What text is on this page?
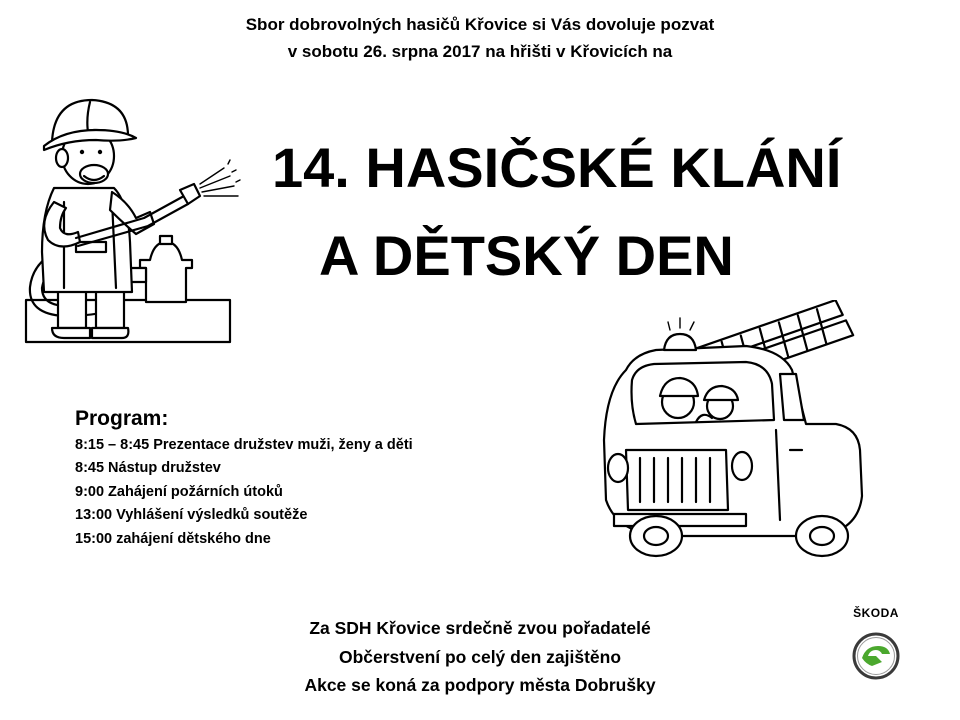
Sbor dobrovolných hasičů Křovice si Vás dovoluje pozvat
v sobotu 26. srpna 2017 na hřišti v Křovicích na
14. HASIČSKÉ KLÁNÍ
A DĚTSKÝ DEN
Program:
8:15 – 8:45 Prezentace družstev muži, ženy a děti
8:45 Nástup družstev
9:00 Zahájení požárních útoků
13:00 Vyhlášení výsledků soutěže
15:00 zahájení dětského dne
Za SDH Křovice srdečně zvou pořadatelé
Občerstvení po celý den zajištěno
Akce se koná za podpory města Dobrušky
ŠKODA
